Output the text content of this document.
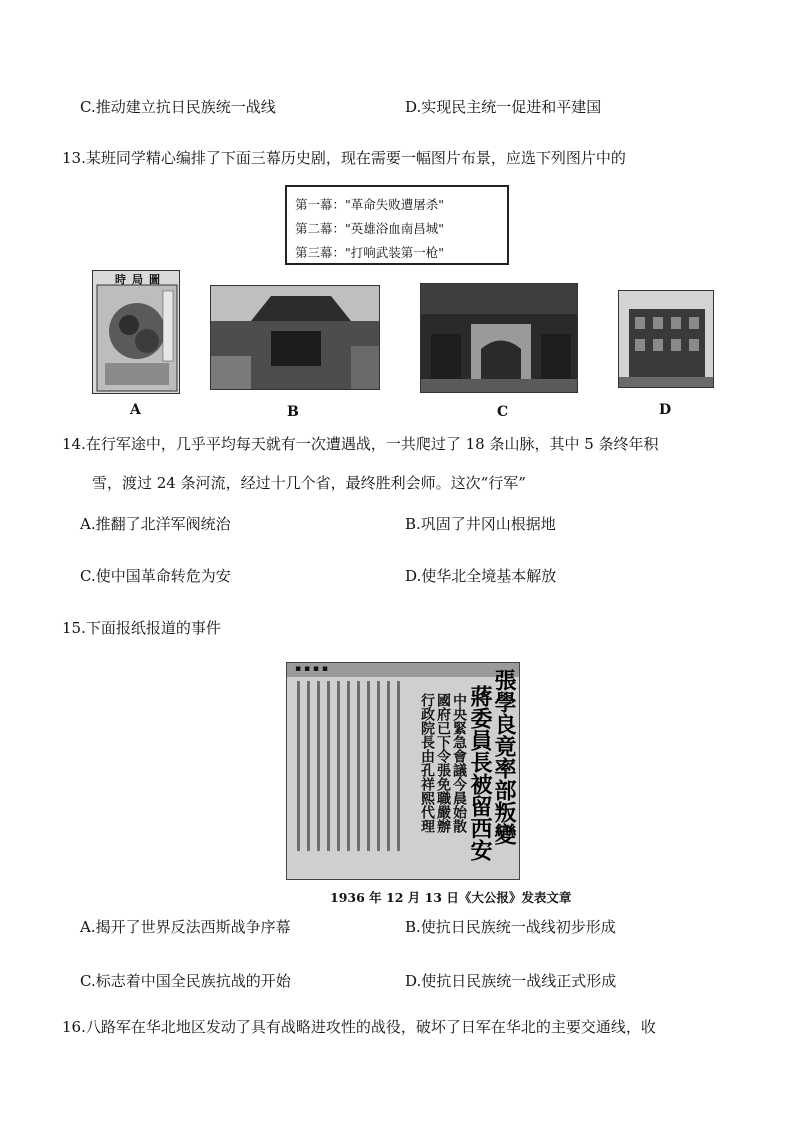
C.推动建立抗日民族统一战线	D.实现民主统一促进和平建国
13.某班同学精心编排了下面三幕历史剧，现在需要一幅图片布景，应选下列图片中的
第一幕："革命失败遭屠杀"
第二幕："英雄浴血南昌城"
第三幕："打响武装第一枪"
時局圖
A	B	C	D
14.在行军途中，几乎平均每天就有一次遭遇战，一共爬过了 18 条山脉，其中 5 条终年积
雪，渡过 24 条河流，经过十几个省，最终胜利会师。这次“行军”
A.推翻了北洋军阀统治	B.巩固了井冈山根据地
C.使中国革命转危为安	D.使华北全境基本解放
15.下面报纸报道的事件
▪ ▪ ▪ ▪	張學良竟率部叛變
蔣委員長被留西安
中央緊急會議今晨始散
國府已下令張免職嚴辦
行政院長由孔祥熙代理
1936 年 12 月 13 日《大公报》发表文章
A.揭开了世界反法西斯战争序幕	B.使抗日民族统一战线初步形成
C.标志着中国全民族抗战的开始	D.使抗日民族统一战线正式形成
16.八路军在华北地区发动了具有战略进攻性的战役，破坏了日军在华北的主要交通线，收
